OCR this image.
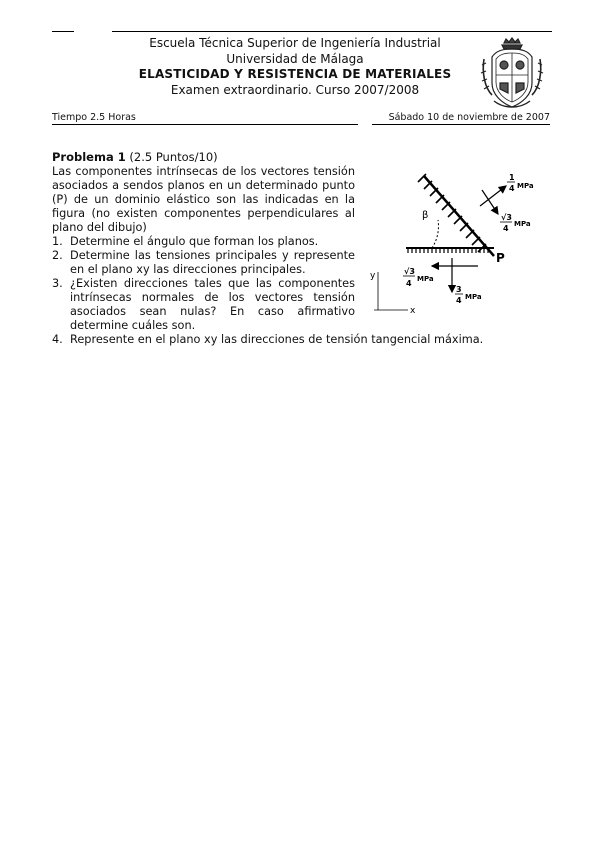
Escuela Técnica Superior de Ingeniería Industrial
Universidad de Málaga
ELASTICIDAD Y RESISTENCIA DE MATERIALES
Examen extraordinario. Curso 2007/2008
Tiempo 2.5 Horas	Sábado 10 de noviembre de 2007
Problema 1 (2.5 Puntos/10)
Las componentes intrínsecas de los vectores tensión asociados a sendos planos en un determinado punto (P) de un dominio elástico son las indicadas en la figura (no existen componentes perpendiculares al plano del dibujo)
1. Determine el ángulo que forman los planos.
2. Determine las tensiones principales y represente en el plano xy las direcciones principales.
3. ¿Existen direcciones tales que las componentes intrínsecas normales de los vectores tensión asociados sean nulas? En caso afirmativo determine cuáles son.
4. Represente en el plano xy las direcciones de tensión tangencial máxima.
β
P
1
4 MPa
√3
4 MPa
√3
4 MPa
3
4 MPa
y
x
